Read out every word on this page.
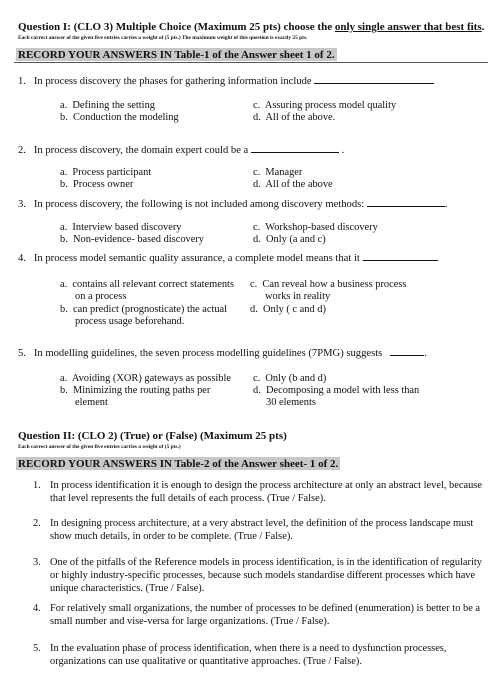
Question I: (CLO 3) Multiple Choice (Maximum 25 pts) choose the only single answer that best fits.
Each correct answer of the given five entries carries a weight of (5 pts.) The maximum weight of this question is exactly 25 pts.
RECORD YOUR ANSWERS IN Table-1 of the Answer sheet 1 of 2.
1. In process discovery the phases for gathering information include
a. Defining the setting
b. Conduction the modeling
c. Assuring process model quality
d. All of the above.
2. In process discovery, the domain expert could be a	.
a. Process participant
b. Process owner
c. Manager
d. All of the above
3. In process discovery, the following is not included among discovery methods:	.
a. Interview based discovery
b. Non-evidence- based discovery
c. Workshop-based discovery
d. Only (a and c)
4. In process model semantic quality assurance, a complete model means that it	.
a. contains all relevant correct statements
on a process
b. can predict (prognosticate) the actual
process usage beforehand.
c. Can reveal how a business process
works in reality
d. Only ( c and d)
5. In modelling guidelines, the seven process modelling guidelines (7PMG) suggests	.
a. Avoiding (XOR) gateways as possible
b. Minimizing the routing paths per
element
c. Only (b and d)
d. Decomposing a model with less than
30 elements
Question II: (CLO 2) (True) or (False) (Maximum 25 pts)
Each correct answer of the given five entries carries a weight of (5 pts.)
RECORD YOUR ANSWERS IN Table-2 of the Answer sheet- 1 of 2.
1. In process identification it is enough to design the process architecture at only an abstract level, because that level represents the full details of each process. (True / False).
2. In designing process architecture, at a very abstract level, the definition of the process landscape must show much details, in order to be complete. (True / False).
3. One of the pitfalls of the Reference models in process identification, is in the identification of regularity or highly industry-specific processes, because such models standardise different processes which have unique characteristics. (True / False).
4. For relatively small organizations, the number of processes to be defined (enumeration) is better to be a small number and vise-versa for large organizations. (True / False).
5. In the evaluation phase of process identification, when there is a need to dysfunction processes, organizations can use qualitative or quantitative approaches. (True / False).
